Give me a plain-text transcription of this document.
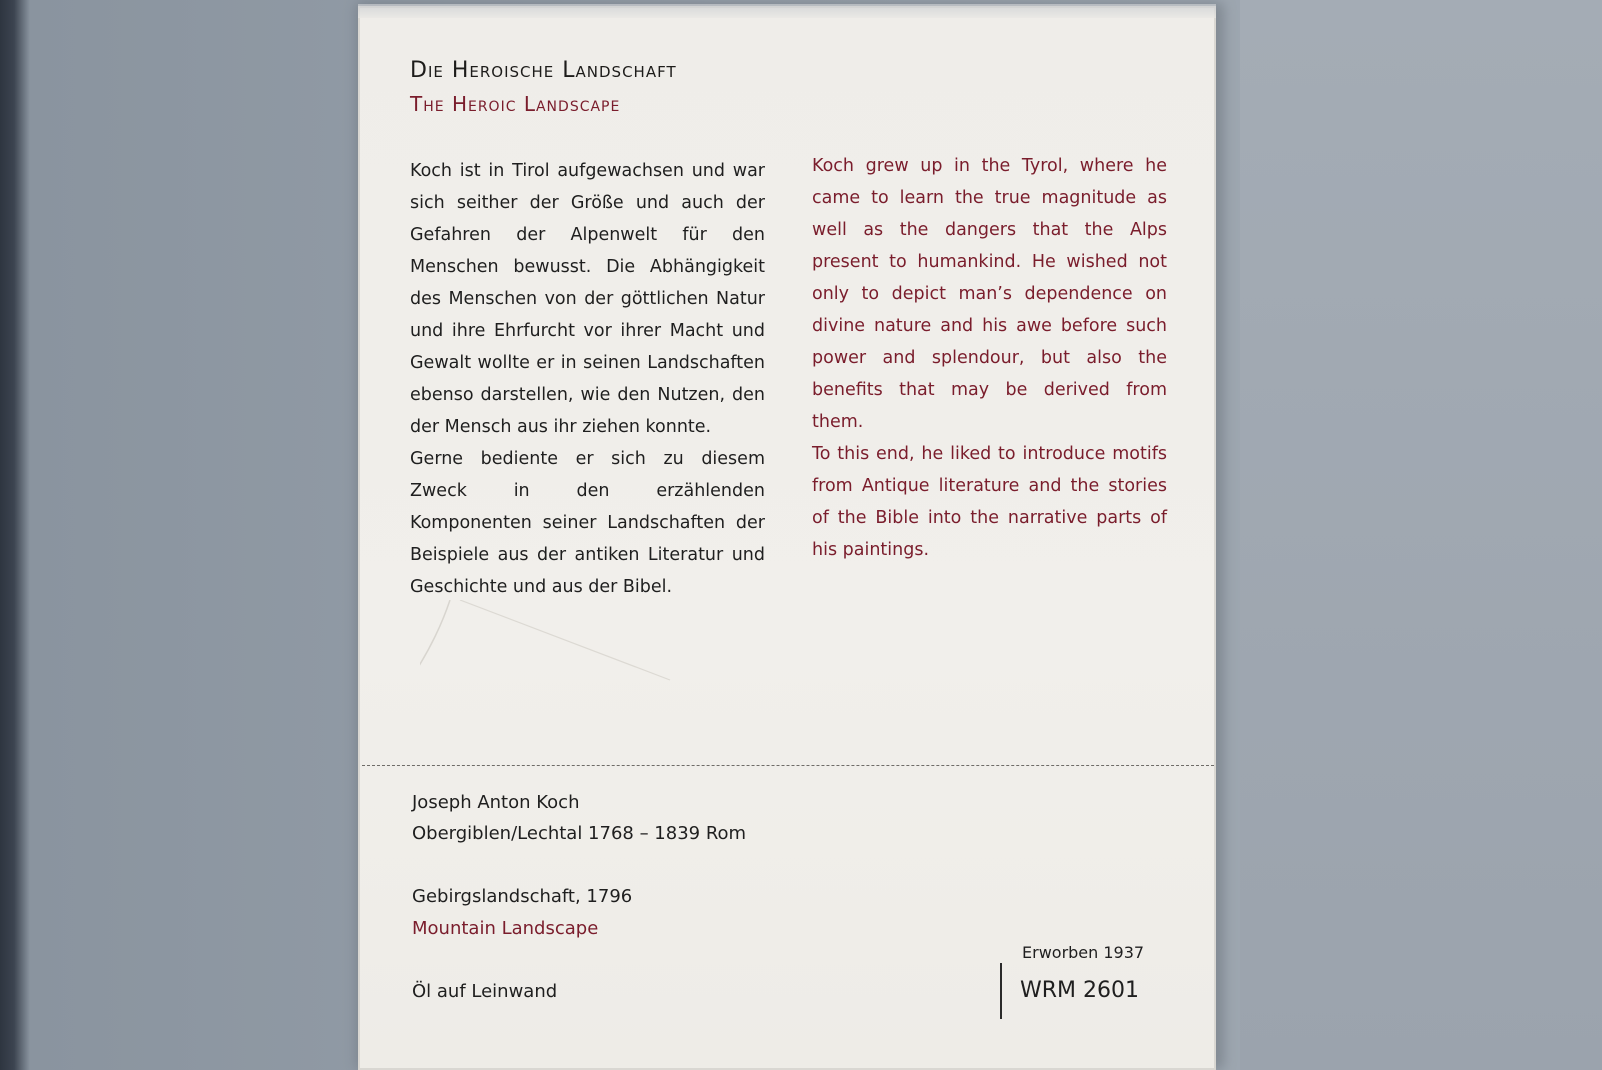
Die Heroische Landschaft
The Heroic Landscape

Koch ist in Tirol aufgewachsen und war sich seither der Größe und auch der Gefahren der Alpenwelt für den Menschen bewusst. Die Abhängigkeit des Menschen von der göttlichen Natur und ihre Ehrfurcht vor ihrer Macht und Gewalt wollte er in seinen Landschaften ebenso darstellen, wie den Nutzen, den der Mensch aus ihr ziehen konnte.

Gerne bediente er sich zu diesem Zweck in den erzählenden Komponenten seiner Landschaften der Beispiele aus der antiken Literatur und Geschichte und aus der Bibel.

Koch grew up in the Tyrol, where he came to learn the true magnitude as well as the dangers that the Alps present to humankind. He wished not only to depict man’s dependence on divine nature and his awe before such power and splendour, but also the benefits that may be derived from them.

To this end, he liked to introduce motifs from Antique literature and the stories of the Bible into the narrative parts of his paintings.

Joseph Anton Koch
Obergiblen/Lechtal 1768 – 1839 Rom
Gebirgslandschaft, 1796
Mountain Landscape
Öl auf Leinwand
Erworben 1937
WRM 2601
